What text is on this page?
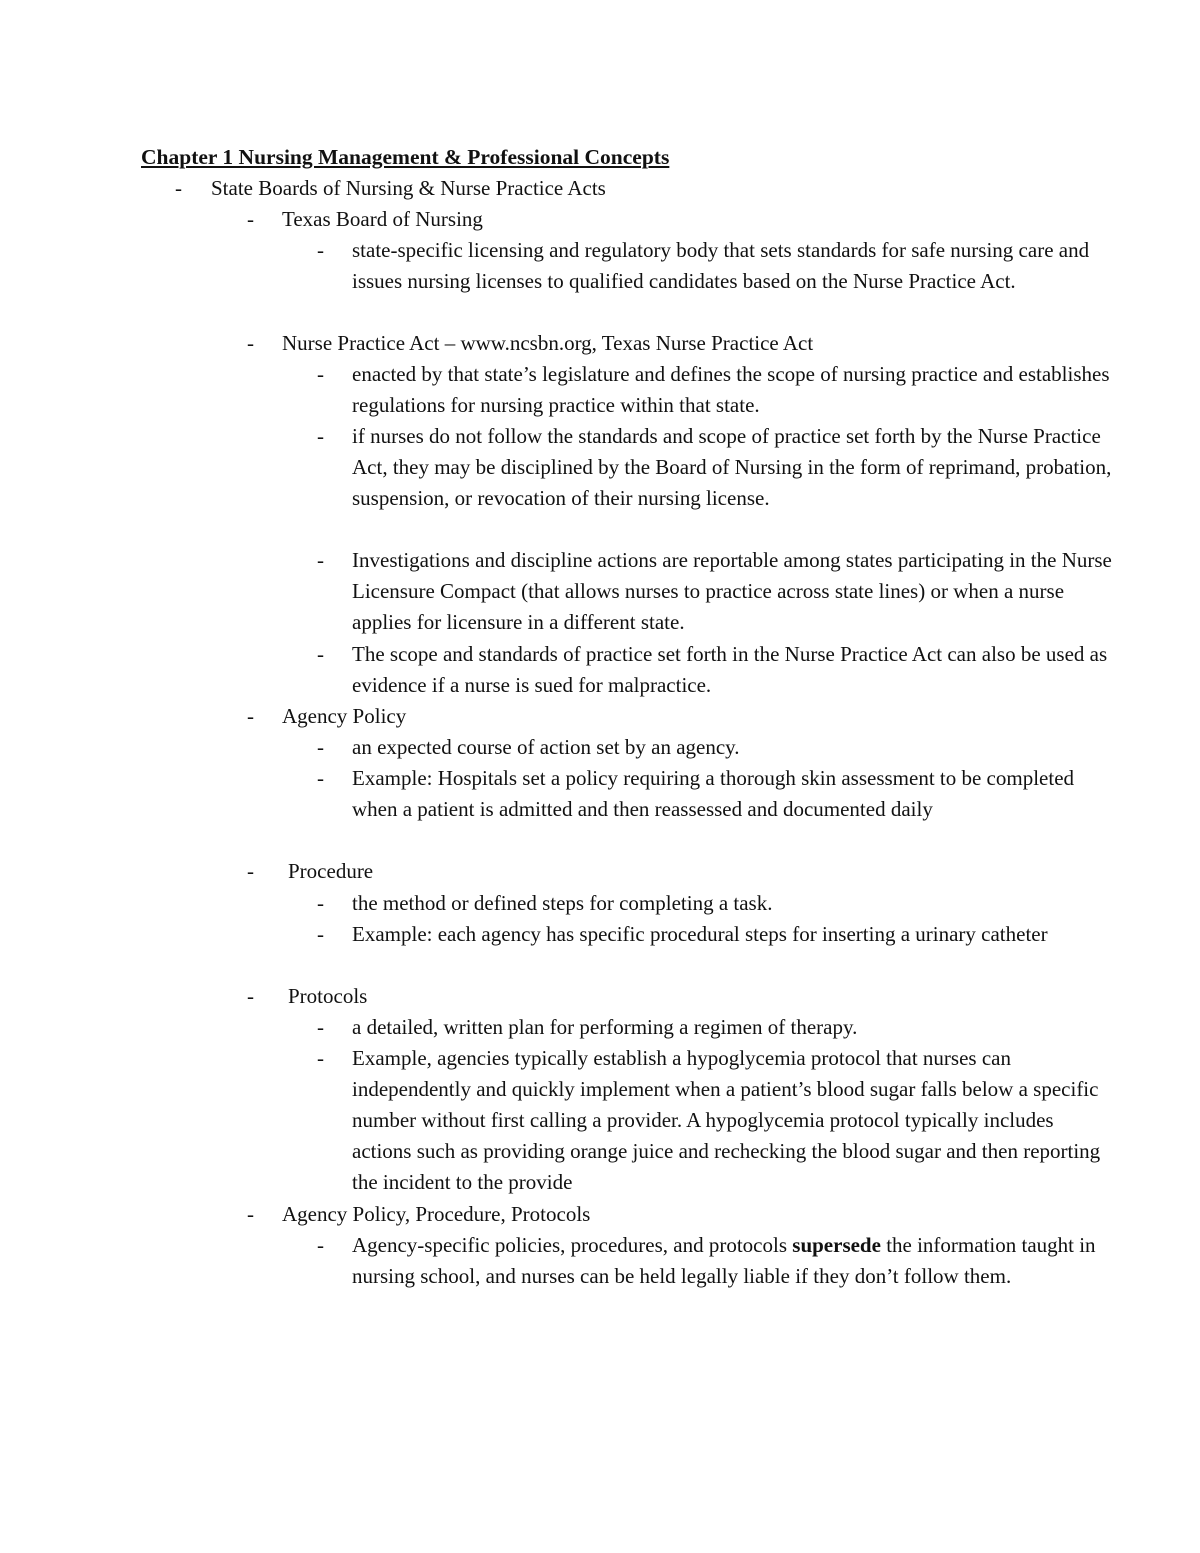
Chapter 1 Nursing Management & Professional Concepts
- State Boards of Nursing & Nurse Practice Acts
- Texas Board of Nursing
- state-specific licensing and regulatory body that sets standards for safe nursing care and issues nursing licenses to qualified candidates based on the Nurse Practice Act.
- Nurse Practice Act – www.ncsbn.org, Texas Nurse Practice Act
- enacted by that state’s legislature and defines the scope of nursing practice and establishes regulations for nursing practice within that state.
- if nurses do not follow the standards and scope of practice set forth by the Nurse Practice Act, they may be disciplined by the Board of Nursing in the form of reprimand, probation, suspension, or revocation of their nursing license.
- Investigations and discipline actions are reportable among states participating in the Nurse Licensure Compact (that allows nurses to practice across state lines) or when a nurse applies for licensure in a different state.
- The scope and standards of practice set forth in the Nurse Practice Act can also be used as evidence if a nurse is sued for malpractice.
- Agency Policy
- an expected course of action set by an agency.
- Example: Hospitals set a policy requiring a thorough skin assessment to be completed when a patient is admitted and then reassessed and documented daily
- Procedure
- the method or defined steps for completing a task.
- Example: each agency has specific procedural steps for inserting a urinary catheter
- Protocols
- a detailed, written plan for performing a regimen of therapy.
- Example, agencies typically establish a hypoglycemia protocol that nurses can independently and quickly implement when a patient’s blood sugar falls below a specific number without first calling a provider. A hypoglycemia protocol typically includes actions such as providing orange juice and rechecking the blood sugar and then reporting the incident to the provide
- Agency Policy, Procedure, Protocols
- Agency-specific policies, procedures, and protocols supersede the information taught in nursing school, and nurses can be held legally liable if they don’t follow them.
